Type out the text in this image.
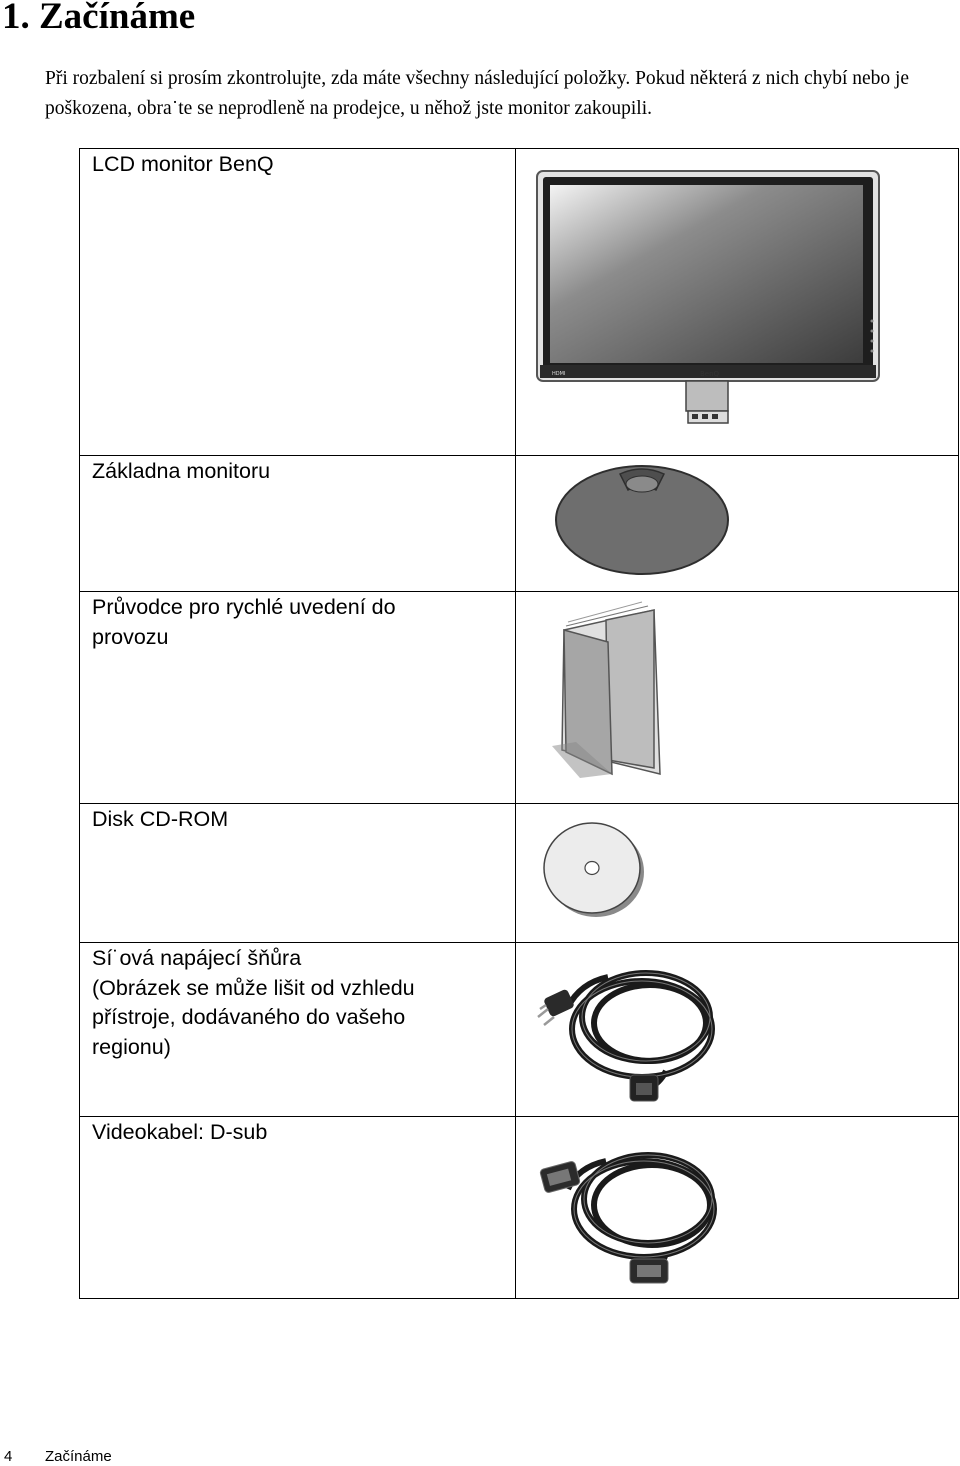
1. Začínáme

Při rozbalení si prosím zkontrolujte, zda máte všechny následující položky. Pokud některá z nich chybí nebo je poškozena, obra˙te se neprodleně na prodejce, u něhož jste monitor zakoupili.

LCD monitor BenQ	HDMI BenQ

Základna monitoru

Průvodce pro rychlé uvedení do
provozu

Disk CD-ROM

Sí˙ová napájecí šňůra
(Obrázek se může lišit od vzhledu
přístroje, dodávaného do vašeho
regionu)

Videokabel: D-sub

4 Začínáme
